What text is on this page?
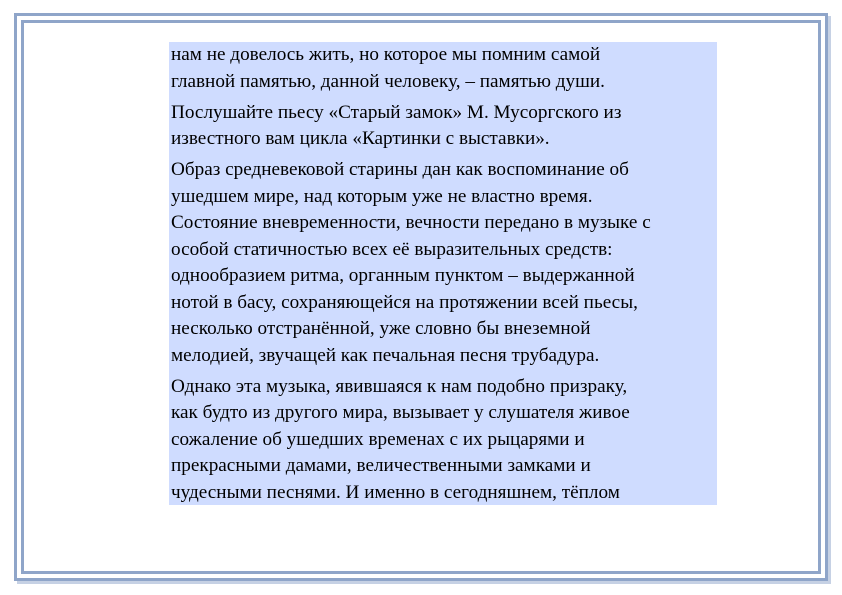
нам не довелось жить, но которое мы помним самой
главной памятью, данной человеку, – памятью души.

Послушайте пьесу «Старый замок» М. Мусоргского из
известного вам цикла «Картинки с выставки».

Образ средневековой старины дан как воспоминание об
ушедшем мире, над которым уже не властно время.
Состояние вневременности, вечности передано в музыке с
особой статичностью всех её выразительных средств:
однообразием ритма, органным пунктом – выдержанной
нотой в басу, сохраняющейся на протяжении всей пьесы,
несколько отстранённой, уже словно бы внеземной
мелодией, звучащей как печальная песня трубадура.

Однако эта музыка, явившаяся к нам подобно призраку,
как будто из другого мира, вызывает у слушателя живое
сожаление об ушедших временах с их рыцарями и
прекрасными дамами, величественными замками и
чудесными песнями. И именно в сегодняшнем, тёплом
